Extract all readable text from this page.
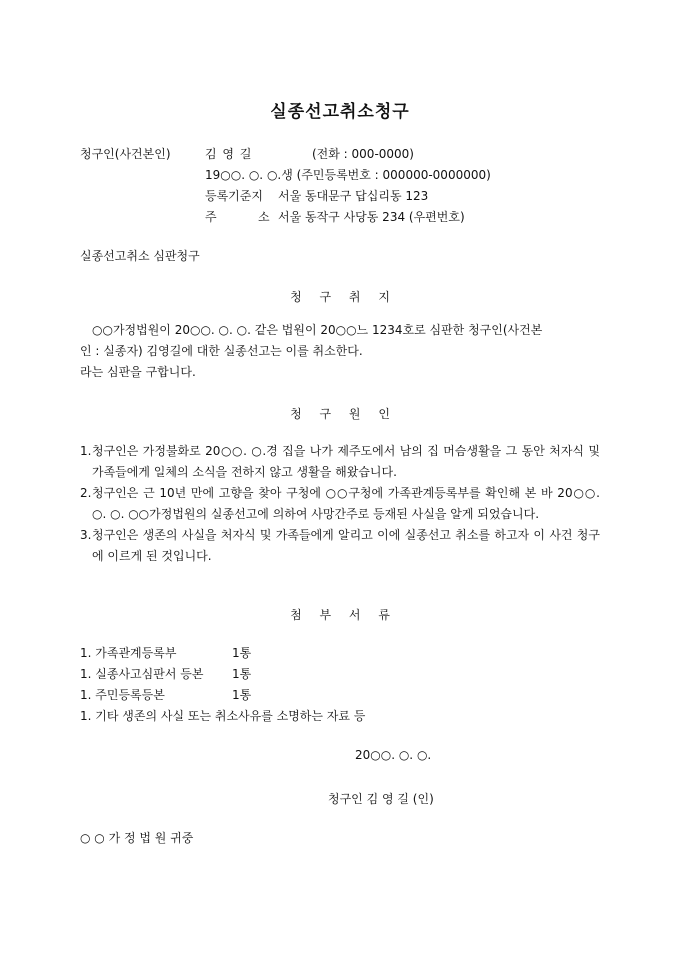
실종선고취소청구
청구인(사건본인)	김 영 길	(전화 : 000-0000)
19○○. ○. ○.생 (주민등록번호 : 000000-0000000)
등록기준지 서울 동대문구 답십리동 123
주	소 서울 동작구 사당동 234 (우편번호)
실종선고취소 심판청구
청 구 취 지
○○가정법원이 20○○. ○. ○. 같은 법원이 20○○느 1234호로 심판한 청구인(사건본
인 : 실종자) 김영길에 대한 실종선고는 이를 취소한다.
라는 심판을 구합니다.
청 구 원 인
1. 청구인은 가정불화로 20○○. ○.경 집을 나가 제주도에서 남의 집 머슴생활을 그 동안 처자식 및 가족들에게 일체의 소식을 전하지 않고 생활을 해왔습니다.
2. 청구인은 근 10년 만에 고향을 찾아 구청에 ○○구청에 가족관계등록부를 확인해 본 바 20○○. ○. ○. ○○가정법원의 실종선고에 의하여 사망간주로 등재된 사실을 알게 되었습니다.
3. 청구인은 생존의 사실을 처자식 및 가족들에게 알리고 이에 실종선고 취소를 하고자 이 사건 청구에 이르게 된 것입니다.
첨 부 서 류
1. 가족관계등록부	1통
1. 실종사고심판서 등본 1통
1. 주민등록등본	1통
1. 기타 생존의 사실 또는 취소사유를 소명하는 자료 등
20○○. ○. ○.
청구인 김 영 길 (인)
○ ○ 가 정 법 원 귀중
